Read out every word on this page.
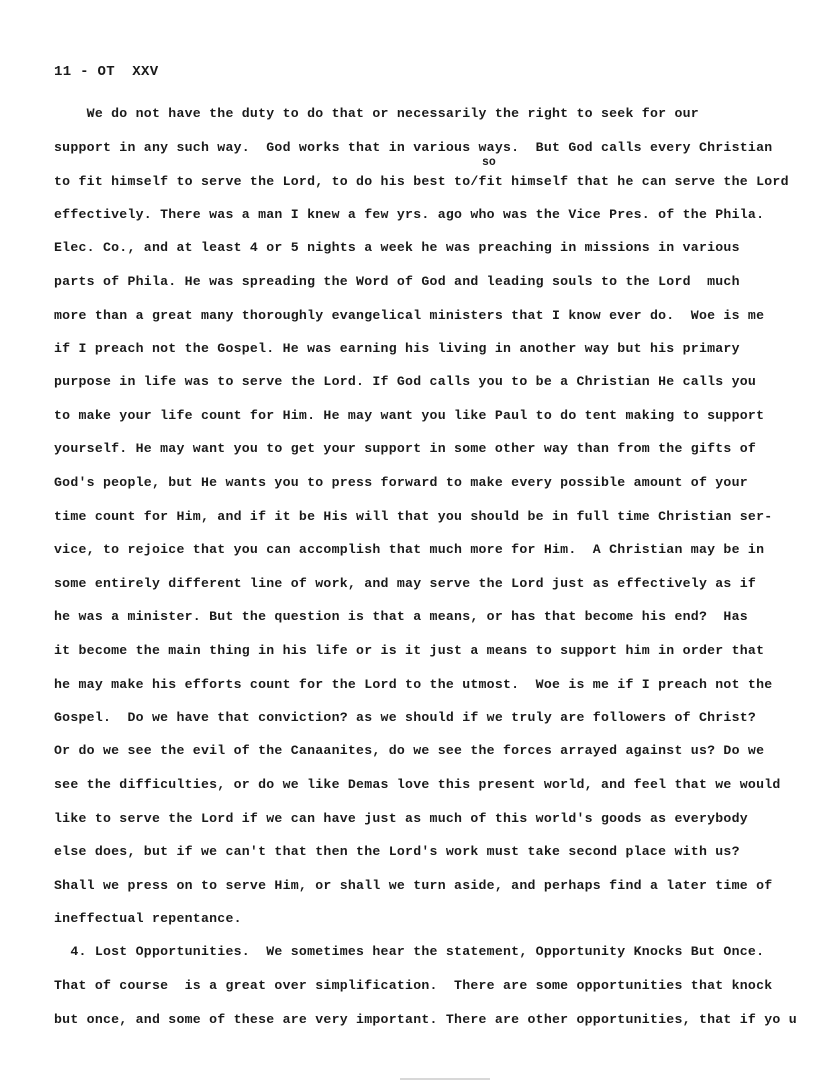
11 - OT  XXV
so
We do not have the duty to do that or necessarily the right to seek for our
support in any such way.  God works that in various ways.  But God calls every Christian
to fit himself to serve the Lord, to do his best to/fit himself that he can serve the Lord
effectively. There was a man I knew a few yrs. ago who was the Vice Pres. of the Phila.
Elec. Co., and at least 4 or 5 nights a week he was preaching in missions in various
parts of Phila. He was spreading the Word of God and leading souls to the Lord  much
more than a great many thoroughly evangelical ministers that I know ever do.  Woe is me
if I preach not the Gospel. He was earning his living in another way but his primary
purpose in life was to serve the Lord. If God calls you to be a Christian He calls you
to make your life count for Him. He may want you like Paul to do tent making to support
yourself. He may want you to get your support in some other way than from the gifts of
God's people, but He wants you to press forward to make every possible amount of your
time count for Him, and if it be His will that you should be in full time Christian ser-
vice, to rejoice that you can accomplish that much more for Him.  A Christian may be in
some entirely different line of work, and may serve the Lord just as effectively as if
he was a minister. But the question is that a means, or has that become his end?  Has
it become the main thing in his life or is it just a means to support him in order that
he may make his efforts count for the Lord to the utmost.  Woe is me if I preach not the
Gospel.  Do we have that conviction? as we should if we truly are followers of Christ?
Or do we see the evil of the Canaanites, do we see the forces arrayed against us? Do we
see the difficulties, or do we like Demas love this present world, and feel that we would
like to serve the Lord if we can have just as much of this world's goods as everybody
else does, but if we can't that then the Lord's work must take second place with us?
Shall we press on to serve Him, or shall we turn aside, and perhaps find a later time of
ineffectual repentance.
4. Lost Opportunities.  We sometimes hear the statement, Opportunity Knocks But Once.
That of course  is a great over simplification.  There are some opportunities that knock
but once, and some of these are very important. There are other opportunities, that if yo u
